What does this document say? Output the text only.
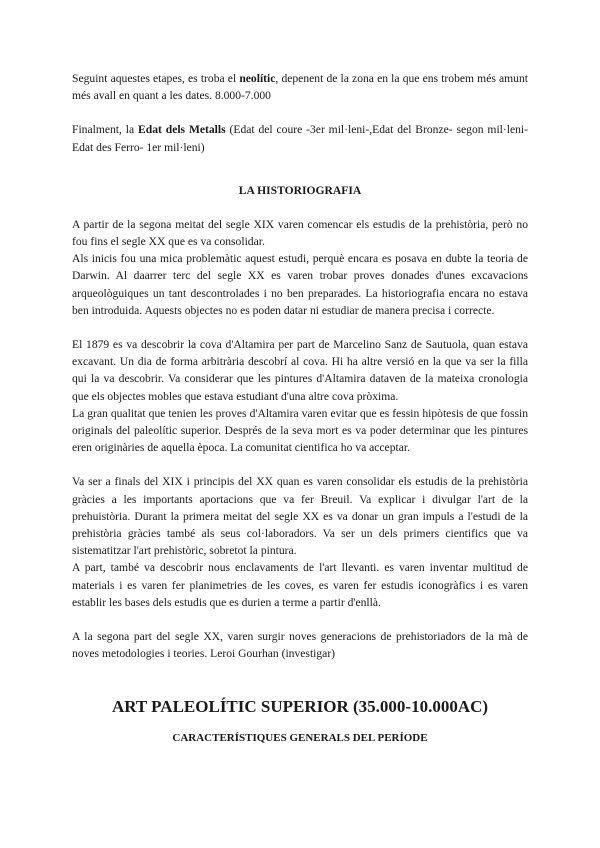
Seguint aquestes etapes, es troba el neolític, depenent de la zona en la que ens trobem més amunt més avall en quant a les dates. 8.000-7.000

Finalment, la Edat dels Metalls (Edat del coure -3er mil·leni-,Edat del Bronze- segon mil·leni- Edat des Ferro- 1er mil·leni)

LA HISTORIOGRAFIA

A partir de la segona meitat del segle XIX varen comencar els estudis de la prehistòria, però no fou fins el segle XX que es va consolidar.

Als inicis fou una mica problemàtic aquest estudi, perquè encara es posava en dubte la teoria de Darwin. Al daarrer terc del segle XX es varen trobar proves donades d'unes excavacions arqueològuiques un tant descontrolades i no ben preparades. La historiografia encara no estava ben introduida. Aquests objectes no es poden datar ni estudiar de manera precisa i correcte.

El 1879 es va descobrir la cova d'Altamira per part de Marcelino Sanz de Sautuola, quan estava excavant. Un dia de forma arbitrària descobrí al cova. Hi ha altre versió en la que va ser la filla qui la va descobrir. Va considerar que les pintures d'Altamira dataven de la mateixa cronologia que els objectes mobles que estava estudiant d'una altre cova pròxima.

La gran qualitat que tenien les proves d'Altamira varen evitar que es fessin hipòtesis de que fossin originals del paleolític superior. Després de la seva mort es va poder determinar que les pintures eren originàries de aquella època. La comunitat cientifica ho va acceptar.

Va ser a finals del XIX i principis del XX quan es varen consolidar els estudis de la prehistòria gràcies a les importants aportacions que va fer Breuil. Va explicar i divulgar l'art de la prehuistòria. Durant la primera meitat del segle XX es va donar un gran impuls a l'estudi de la prehistòria gràcies també als seus col·laboradors. Va ser un dels primers cientifics que va sistematitzar l'art prehistòric, sobretot la pintura.

A part, també va descobrir nous enclavaments de l'art llevanti. es varen inventar multitud de materials i es varen fer planimetries de les coves, es varen fer estudis iconogràfics i es varen establir les bases dels estudis que es durien a terme a partir d'enllà.

A la segona part del segle XX, varen surgir noves generacions de prehistoriadors de la mà de noves metodologies i teories. Leroi Gourhan (investigar)

ART PALEOLÍTIC SUPERIOR (35.000-10.000AC)

CARACTERÍSTIQUES GENERALS DEL PERÍODE
